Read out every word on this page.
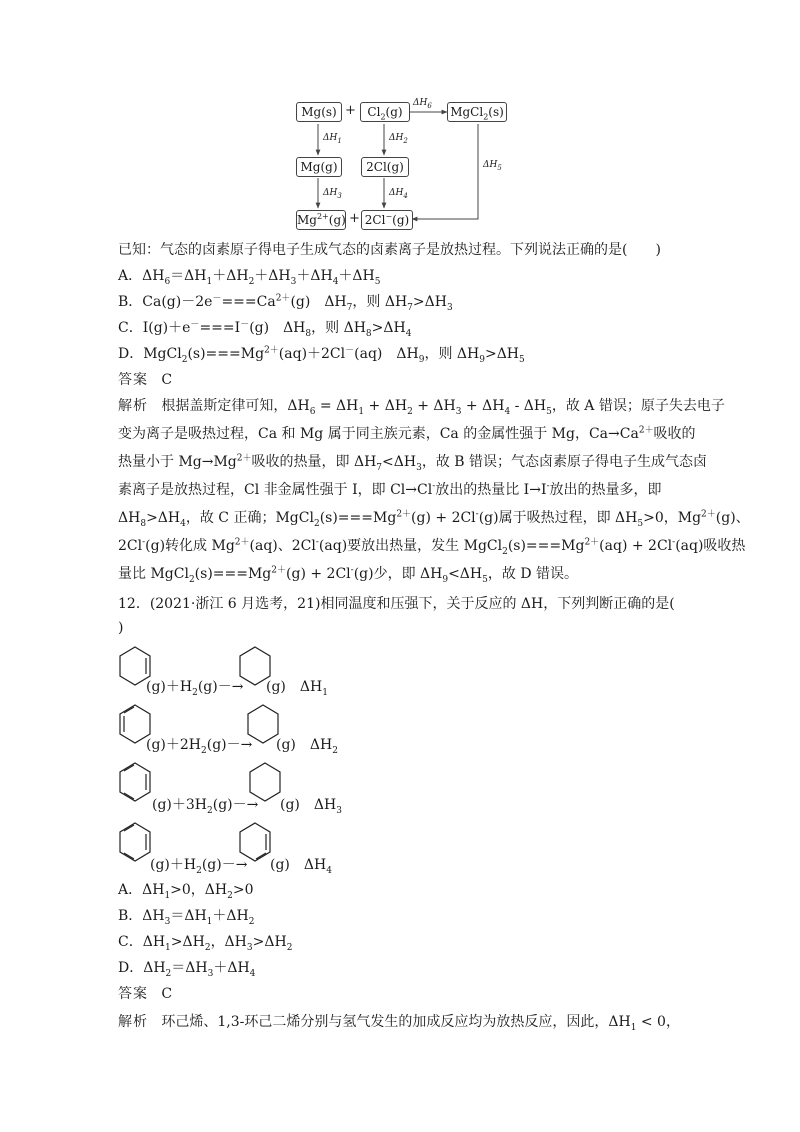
$Mg(s) + Cl_2(g)$	MgCl$_2$(s)
Mg(g)	2Cl(g)
$Mg^{2+}(g) + 2Cl^-(g)$
$\Delta H_6$
$\Delta H_1$	$\Delta H_2$
$\Delta H_5$
$\Delta H_3$	$\Delta H_4$
已知：气态的卤素原子得电子生成气态的卤素离子是放热过程。下列说法正确的是(　　)
A．$\Delta H_6=\Delta H_1+\Delta H_2+\Delta H_3+\Delta H_4+\Delta H_5$
B．$Ca(g)-2e^-===Ca^{2+}(g)$　$\Delta H_7$，则 $\Delta H_7>\Delta H_3$
C．I(g)＋e－===I－(g)　$\Delta H_8$，则 $\Delta H_8>\Delta H_4$
D．$MgCl_2(s)===Mg^{2+}(aq)+2Cl^-(aq)$　$\Delta H_9$，则 $\Delta H_9>\Delta H_5$
答案 C
解析 根据盖斯定律可知，$\Delta H_6 = \Delta H_1 + \Delta H_2 + \Delta H_3 + \Delta H_4 - \Delta H_5$，故 A 错误；原子失去电子
变为离子是吸热过程，Ca 和 Mg 属于同主族元素，Ca 的金属性强于 Mg，$Ca\to Ca^{2+}$吸收的
热量小于 $Mg\to Mg^{2+}$吸收的热量，即 $\Delta H_7<\Delta H_3$，故 B 错误；气态卤素原子得电子生成气态卤
素离子是放热过程，Cl 非金属性强于 I，即 Cl→Cl-放出的热量比 I→I-放出的热量多，即
$\Delta H_8>\Delta H_4$，故 C 正确；$MgCl_2(s)===Mg^{2+}(g) + 2Cl^-(g)$属于吸热过程，即 $\Delta H_5>0$，$Mg^{2+}(g)$、
2Cl-(g)转化成 $Mg^{2+}(aq)$、2Cl-(aq)要放出热量，发生 $MgCl_2(s)===Mg^{2+}(aq) + 2Cl^-(aq)$吸收热
量比 $MgCl_2(s)===Mg^{2+}(g) + 2Cl^-(g)$少，即 $\Delta H_9<\Delta H_5$，故 D 错误。
12．(2021·浙江 6 月选考，21)相同温度和压强下，关于反应的 ΔH，下列判断正确的是(
)
$(g)+H_2(g)-\to (g)$　$\Delta H_1$
$(g)+2H_2(g)-\to (g)$　$\Delta H_2$
$(g)+3H_2(g)-\to (g)$　$\Delta H_3$
$(g)+H_2(g)-\to (g)$　$\Delta H_4$
A．$\Delta H_1>0$，$\Delta H_2>0$
B．$\Delta H_3=\Delta H_1+\Delta H_2$
C．$\Delta H_1>\Delta H_2$，$\Delta H_3>\Delta H_2$
D．$\Delta H_2=\Delta H_3+\Delta H_4$
答案 C
解析 环己烯、1,3-环己二烯分别与氢气发生的加成反应均为放热反应，因此，$\Delta H_1 < 0$，
